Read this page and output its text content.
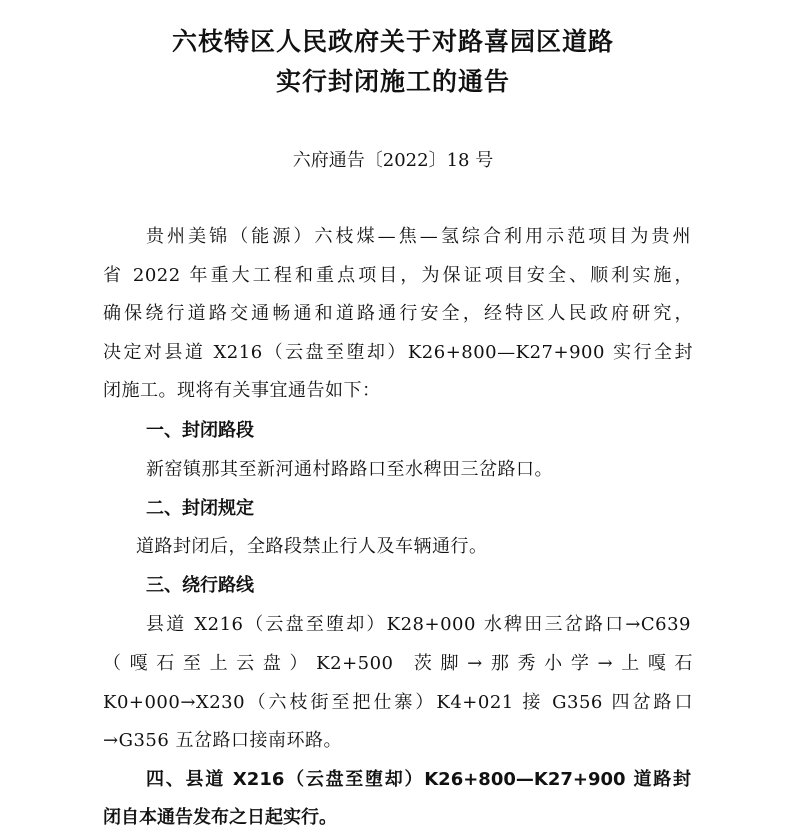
六枝特区人民政府关于对路喜园区道路
实行封闭施工的通告
六府通告〔2022〕18 号
贵州美锦（能源）六枝煤—焦—氢综合利用示范项目为贵州
省 2022 年重大工程和重点项目，为保证项目安全、顺利实施，
确保绕行道路交通畅通和道路通行安全，经特区人民政府研究，
决定对县道 X216（云盘至堕却）K26+800—K27+900 实行全封
闭施工。现将有关事宜通告如下：
一、封闭路段
新窑镇那其至新河通村路路口至水稗田三岔路口。
二、封闭规定
道路封闭后，全路段禁止行人及车辆通行。
三、绕行路线
县道 X216（云盘至堕却）K28+000 水稗田三岔路口→C639
（嘎石至上云盘）K2+500 茨脚→那秀小学→上嘎石
K0+000→X230（六枝街至把仕寨）K4+021 接 G356 四岔路口
→G356 五岔路口接南环路。
四、县道 X216（云盘至堕却）K26+800—K27+900 道路封
闭自本通告发布之日起实行。
